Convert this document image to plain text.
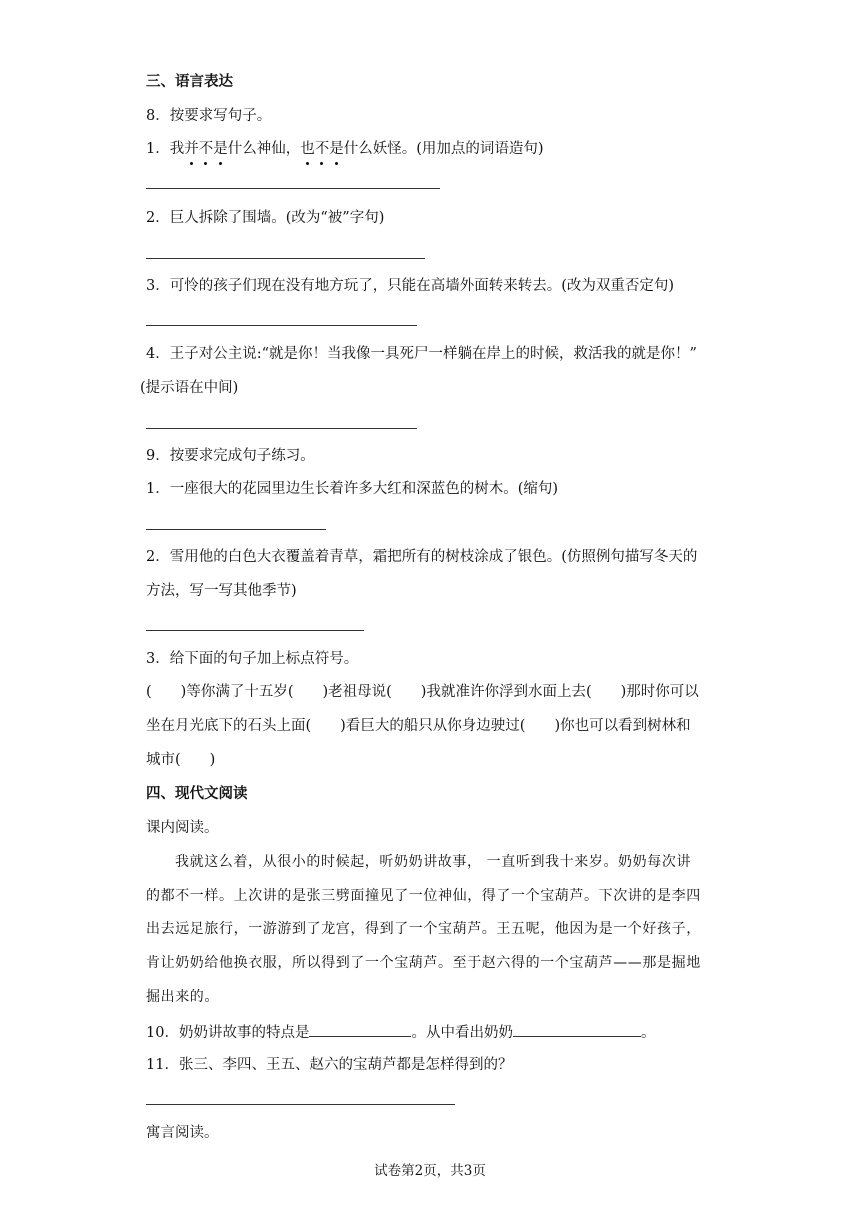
三、语言表达
8．按要求写句子。
1．我并不是什么神仙，也不是什么妖怪。(用加点的词语造句)
2．巨人拆除了围墙。(改为“被”字句)
3．可怜的孩子们现在没有地方玩了，只能在高墙外面转来转去。(改为双重否定句)
4．王子对公主说:“就是你！当我像一具死尸一样躺在岸上的时候，救活我的就是你！”
(提示语在中间)
9．按要求完成句子练习。
1．一座很大的花园里边生长着许多大红和深蓝色的树木。(缩句)
2．雪用他的白色大衣覆盖着青草，霜把所有的树枝涂成了银色。(仿照例句描写冬天的
方法，写一写其他季节)
3．给下面的句子加上标点符号。
(　　)等你满了十五岁(　　)老祖母说(　　)我就准许你浮到水面上去(　　)那时你可以
坐在月光底下的石头上面(　　)看巨大的船只从你身边驶过(　　)你也可以看到树林和
城市(　　)
四、现代文阅读
课内阅读。
我就这么着，从很小的时候起，听奶奶讲故事， 一直听到我十来岁。奶奶每次讲
的都不一样。上次讲的是张三劈面撞见了一位神仙，得了一个宝葫芦。下次讲的是李四
出去远足旅行，一游游到了龙宫，得到了一个宝葫芦。王五呢，他因为是一个好孩子，
肯让奶奶给他换衣服，所以得到了一个宝葫芦。至于赵六得的一个宝葫芦——那是掘地
掘出来的。
10．奶奶讲故事的特点是	。从中看出奶奶	。
11．张三、李四、王五、赵六的宝葫芦都是怎样得到的？
寓言阅读。
试卷第2页，共3页
